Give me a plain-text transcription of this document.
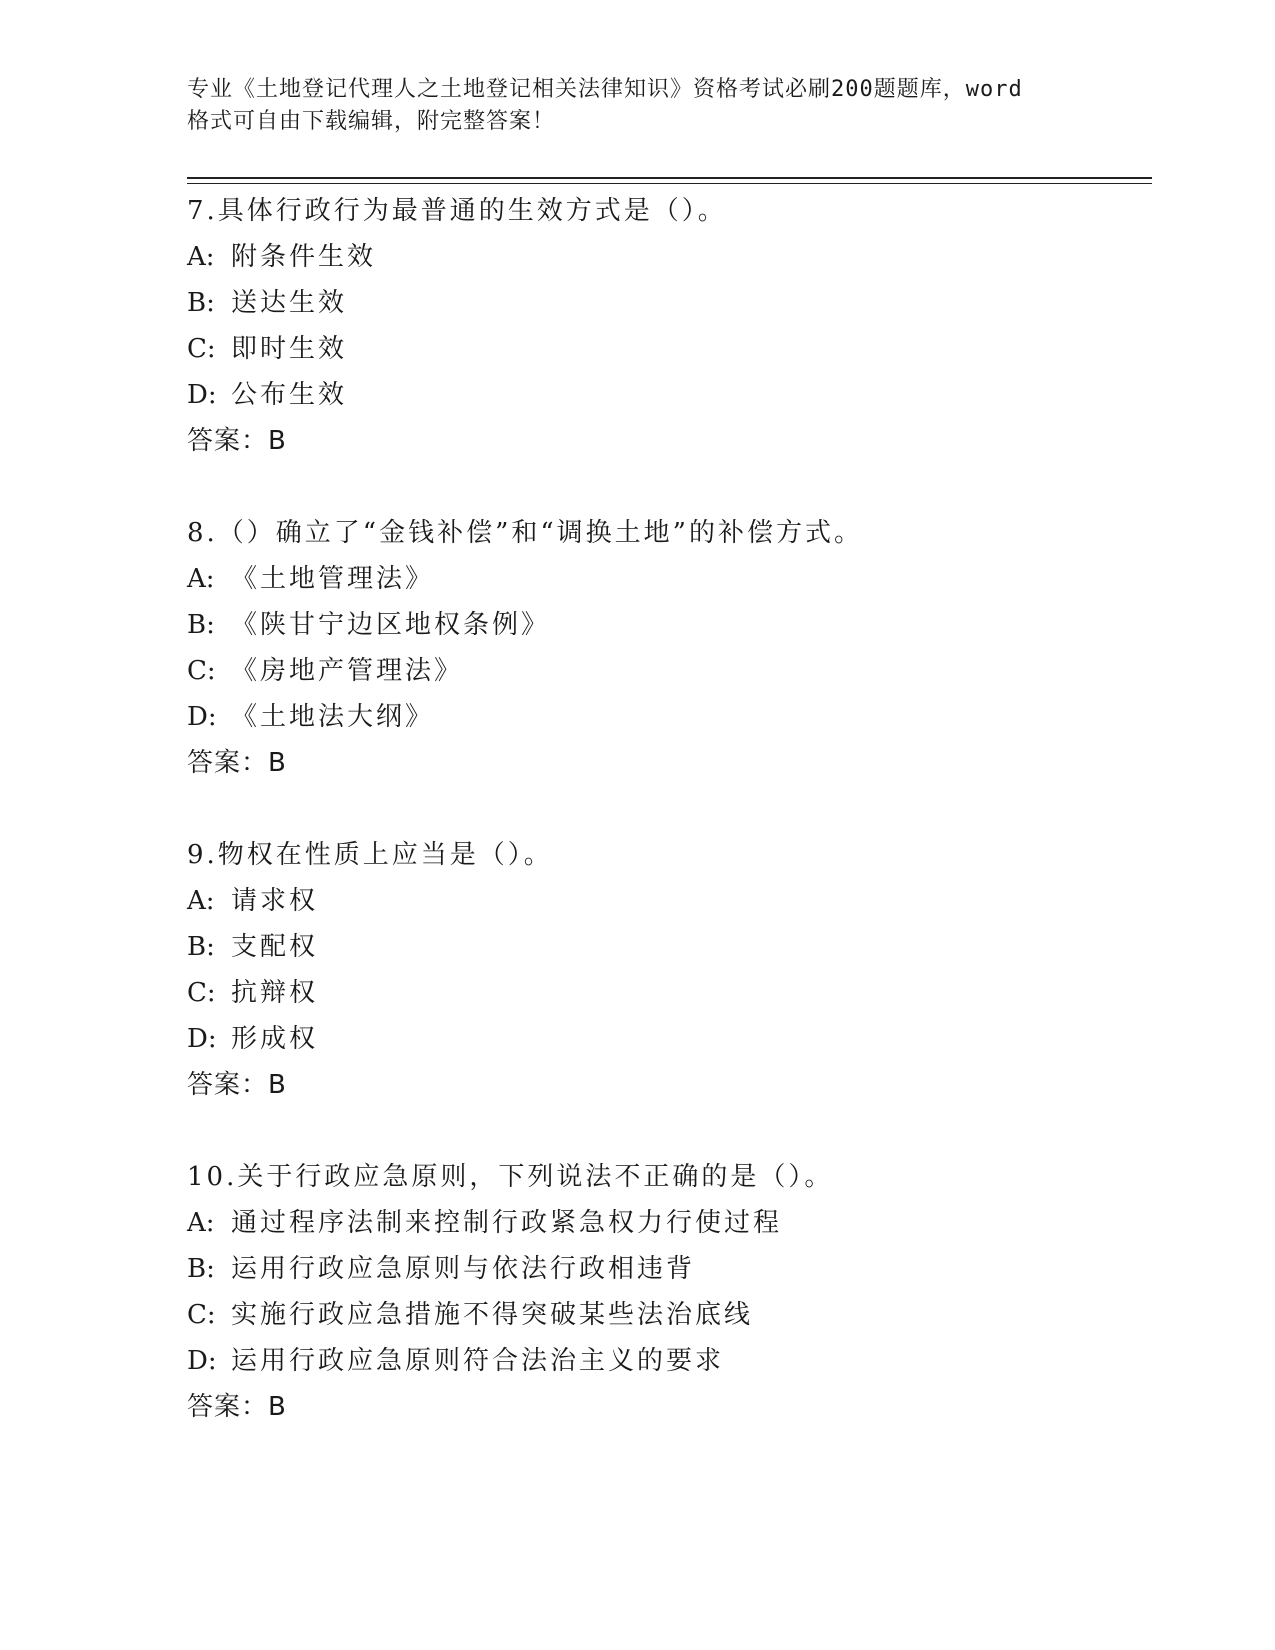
专业《土地登记代理人之土地登记相关法律知识》资格考试必刷200题题库，word
格式可自由下载编辑，附完整答案！
7.具体行政行为最普通的生效方式是（）。
A: 附条件生效
B: 送达生效
C: 即时生效
D: 公布生效
答案：B
8.（）确立了“金钱补偿”和“调换土地”的补偿方式。
A: 《土地管理法》
B: 《陕甘宁边区地权条例》
C: 《房地产管理法》
D: 《土地法大纲》
答案：B
9.物权在性质上应当是（）。
A: 请求权
B: 支配权
C: 抗辩权
D: 形成权
答案：B
10.关于行政应急原则，下列说法不正确的是（）。
A: 通过程序法制来控制行政紧急权力行使过程
B: 运用行政应急原则与依法行政相违背
C: 实施行政应急措施不得突破某些法治底线
D: 运用行政应急原则符合法治主义的要求
答案：B
